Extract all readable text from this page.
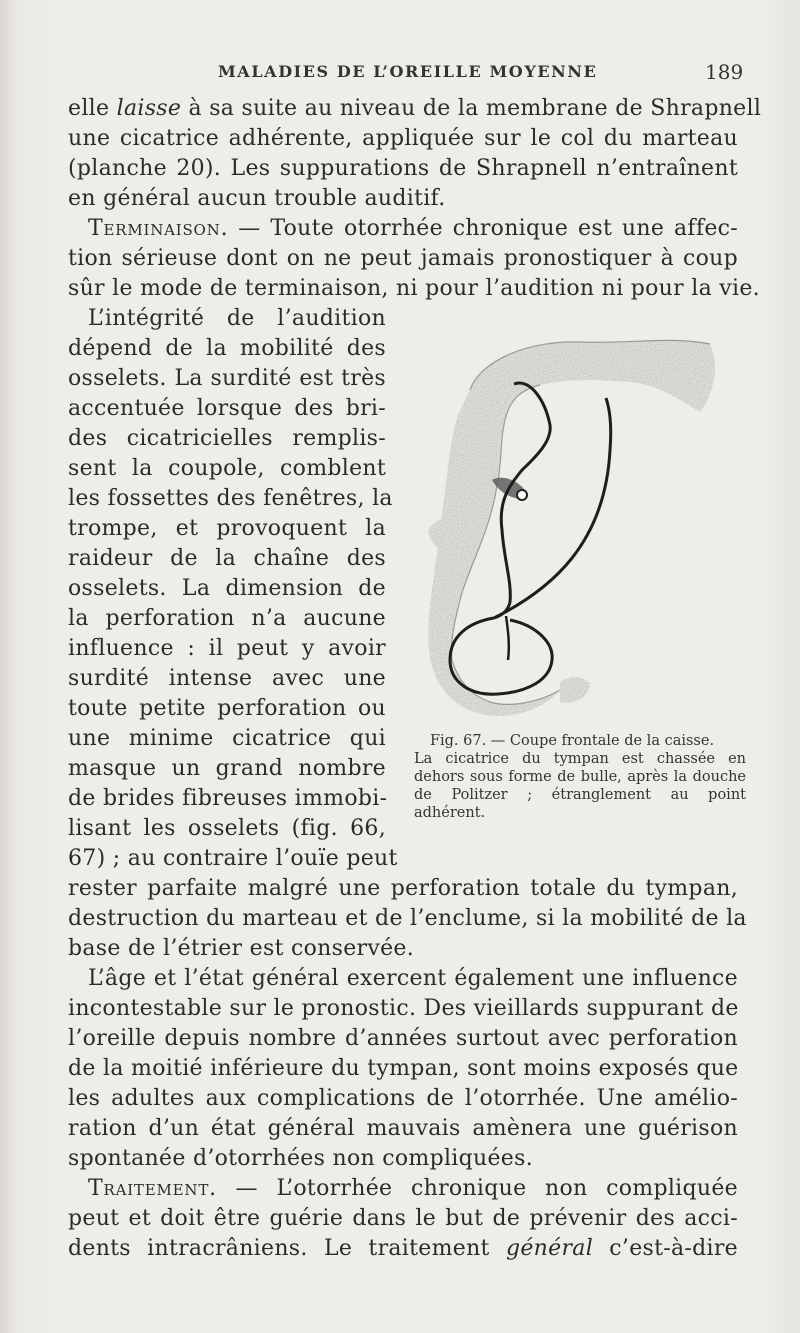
MALADIES DE L’OREILLE MOYENNE	189
elle laisse à sa suite au niveau de la membrane de Shrapnell
une cicatrice adhérente, appliquée sur le col du marteau
(planche 20). Les suppurations de Shrapnell n’entraînent
en général aucun trouble auditif.
Terminaison. — Toute otorrhée chronique est une affec-
tion sérieuse dont on ne peut jamais pronostiquer à coup
sûr le mode de terminaison, ni pour l’audition ni pour la vie.
L’intégrité de l’audition
dépend de la mobilité des
osselets. La surdité est très
accentuée lorsque des bri-
des cicatricielles remplis-
sent la coupole, comblent
les fossettes des fenêtres, la
trompe, et provoquent la
raideur de la chaîne des
osselets. La dimension de
la perforation n’a aucune
influence : il peut y avoir
surdité intense avec une
toute petite perforation ou
une minime cicatrice qui
masque un grand nombre
de brides fibreuses immobi-
lisant les osselets (fig. 66,
67) ; au contraire l’ouïe peut
rester parfaite malgré une perforation totale du tympan,
destruction du marteau et de l’enclume, si la mobilité de la
base de l’étrier est conservée.
L’âge et l’état général exercent également une influence
incontestable sur le pronostic. Des vieillards suppurant de
l’oreille depuis nombre d’années surtout avec perforation
de la moitié inférieure du tympan, sont moins exposés que
les adultes aux complications de l’otorrhée. Une amélio-
ration d’un état général mauvais amènera une guérison
spontanée d’otorrhées non compliquées.
Traitement. — L’otorrhée chronique non compliquée
peut et doit être guérie dans le but de prévenir des acci-
dents intracrâniens. Le traitement général c’est-à-dire
Fig. 67. — Coupe frontale de la caisse.
La cicatrice du tympan est chassée en dehors sous forme de bulle, après la douche de Politzer ; étranglement au point adhérent.
